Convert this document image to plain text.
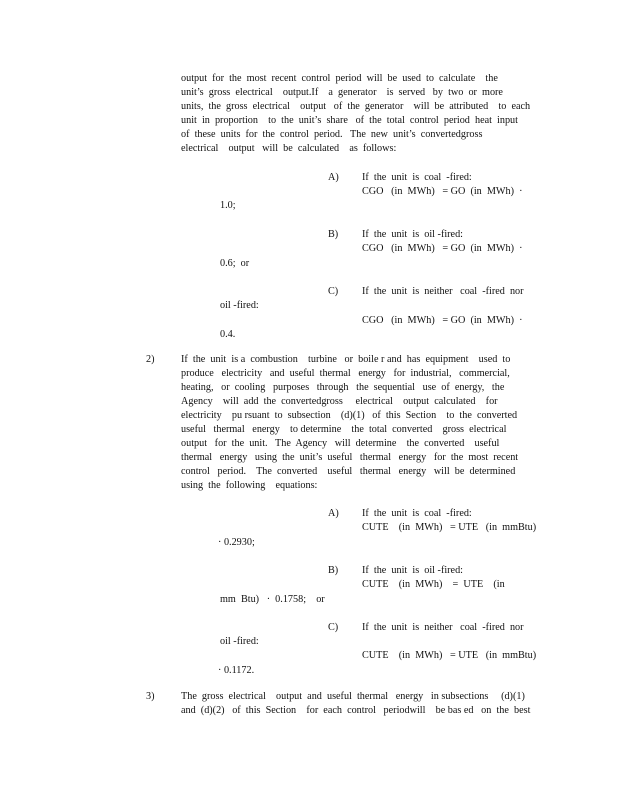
output  for  the  most  recent  control  period  will  be  used  to  calculate    the
unit’s  gross  electrical    output.If    a  generator    is  served   by  two  or  more
units,  the  gross  electrical    output   of  the  generator    will  be  attributed    to  each
unit  in  proportion    to  the  unit’s  share   of  the  total  control  period  heat  input
of  these  units  for  the  control  period.   The  new  unit’s  convertedgross
electrical    output   will  be  calculated    as  follows:
A) If  the  unit  is  coal  -fired:
CGO   (in  MWh)   = GO  (in  MWh)  ·
1.0;
B) If  the  unit  is  oil -fired:
CGO   (in  MWh)   = GO  (in  MWh)  ·
0.6;  or
C) If  the  unit  is  neither   coal  -fired  nor
oil -fired:
CGO   (in  MWh)   = GO  (in  MWh)  ·
0.4.
2)	If  the  unit  is a  combustion    turbine   or  boile r and  has  equipment    used  to
produce   electricity   and  useful  thermal   energy   for  industrial,   commercial,
heating,   or  cooling   purposes   through   the  sequential   use  of  energy,   the
Agency    will  add  the  convertedgross     electrical    output  calculated    for
electricity    pu rsuant  to  subsection    (d)(1)   of  this  Section    to  the  converted
useful   thermal   energy    to determine    the  total  converted    gross  electrical
output   for  the  unit.   The  Agency   will  determine    the  converted    useful
thermal   energy   using  the  unit’s  useful   thermal   energy   for  the  most  recent
control   period.    The  converted    useful   thermal   energy   will  be  determined
using  the  following    equations:
A) If  the  unit  is  coal  -fired:
CUTE    (in  MWh)   = UTE   (in  mmBtu)
· 0.2930;
B) If  the  unit  is  oil -fired:
CUTE    (in  MWh)    =  UTE    (in
mm  Btu)   ·  0.1758;    or
C) If  the  unit  is  neither   coal  -fired  nor
oil -fired:
CUTE    (in  MWh)   = UTE   (in  mmBtu)
· 0.1172.
3)	The  gross  electrical    output  and  useful  thermal   energy   in subsections     (d)(1)
and  (d)(2)   of  this  Section    for  each  control   periodwill    be bas ed   on  the  best
